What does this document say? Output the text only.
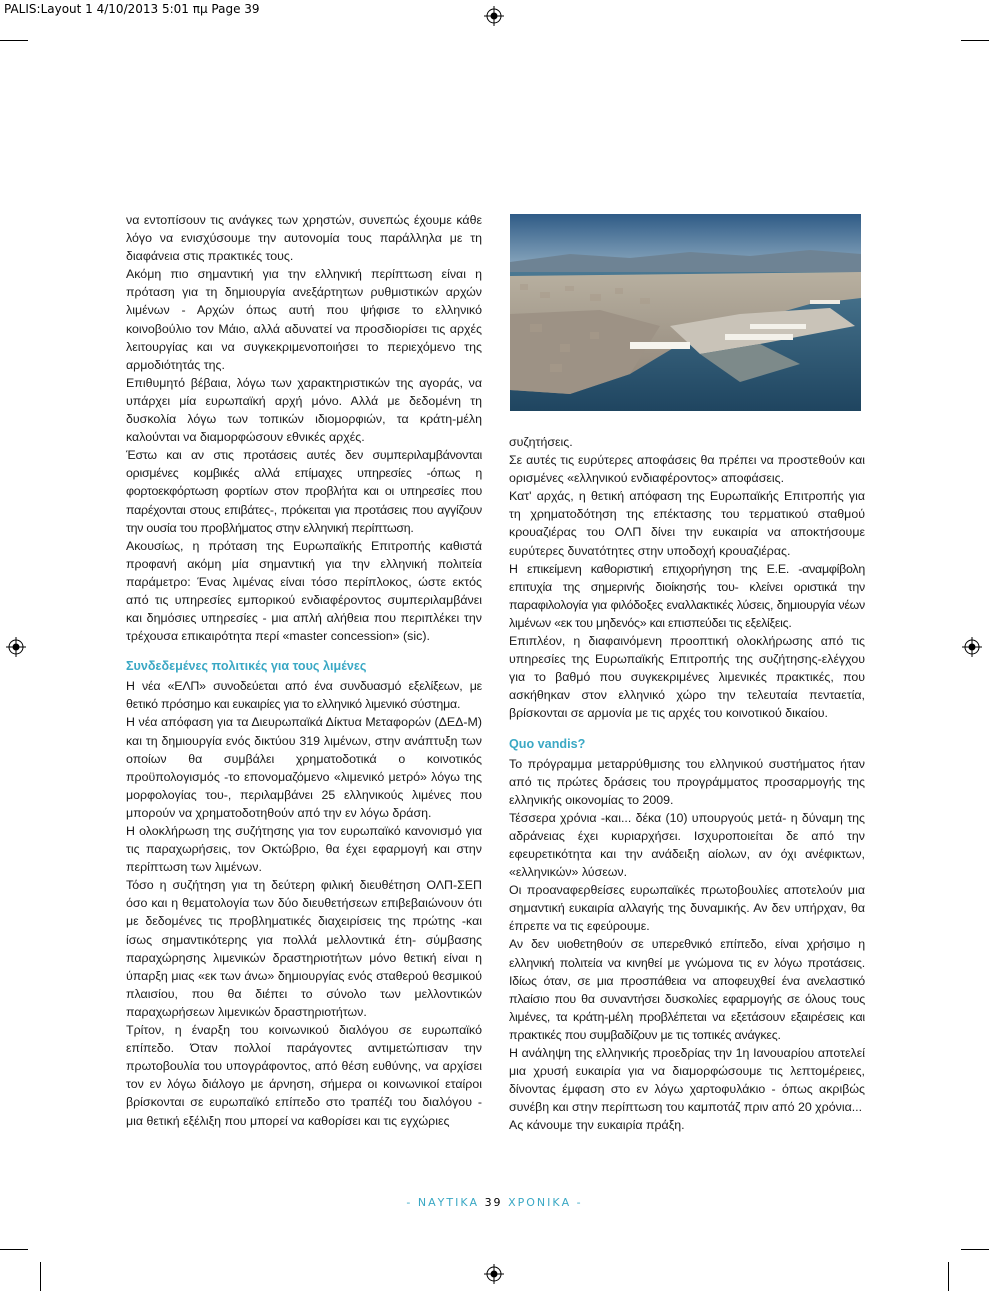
PALIS:Layout 1 4/10/2013 5:01 πμ Page 39

να εντοπίσουν τις ανάγκες των χρηστών, συνεπώς έχουμε κάθε λόγο να ενισχύσουμε την αυτονομία τους παράλληλα με τη διαφάνεια στις πρακτικές τους.

Ακόμη πιο σημαντική για την ελληνική περίπτωση είναι η πρόταση για τη δημιουργία ανεξάρτητων ρυθμιστικών αρχών λιμένων - Αρχών όπως αυτή που ψήφισε το ελληνικό κοινοβούλιο τον Μάιο, αλλά αδυνατεί να προσδιορίσει τις αρχές λειτουργίας και να συγκεκριμενοποιήσει το περιεχόμενο της αρμοδιότητάς της.

Επιθυμητό βέβαια, λόγω των χαρακτηριστικών της αγοράς, να υπάρχει μία ευρωπαϊκή αρχή μόνο. Αλλά με δεδομένη τη δυσκολία λόγω των τοπικών ιδιομορφιών, τα κράτη-μέλη καλούνται να διαμορφώσουν εθνικές αρχές.

Έστω και αν στις προτάσεις αυτές δεν συμπεριλαμβάνονται ορισμένες κομβικές αλλά επίμαχες υπηρεσίες -όπως η φορτοεκφόρτωση φορτίων στον προβλήτα και οι υπηρεσίες που παρέχονται στους επιβάτες-, πρόκειται για προτάσεις που αγγίζουν την ουσία του προβλήματος στην ελληνική περίπτωση.

Ακουσίως, η πρόταση της Ευρωπαϊκής Επιτροπής καθιστά προφανή ακόμη μία σημαντική για την ελληνική πολιτεία παράμετρο: Ένας λιμένας είναι τόσο περίπλοκος, ώστε εκτός από τις υπηρεσίες εμπορικού ενδιαφέροντος συμπεριλαμβάνει και δημόσιες υπηρεσίες - μια απλή αλήθεια που περιπλέκει την τρέχουσα επικαιρότητα περί «master concession» (sic).

Συνδεδεμένες πολιτικές για τους λιμένες

Η νέα «ΕΛΠ» συνοδεύεται από ένα συνδυασμό εξελίξεων, με θετικό πρόσημο και ευκαιρίες για το ελληνικό λιμενικό σύστημα.

Η νέα απόφαση για τα Διευρωπαϊκά Δίκτυα Μεταφορών (ΔΕΔ-Μ) και τη δημιουργία ενός δικτύου 319 λιμένων, στην ανάπτυξη των οποίων θα συμβάλει χρηματοδοτικά ο κοινοτικός προϋπολογισμός -το επονομαζόμενο «λιμενικό μετρό» λόγω της μορφολογίας του-, περιλαμβάνει 25 ελληνικούς λιμένες που μπορούν να χρηματοδοτηθούν από την εν λόγω δράση.

Η ολοκλήρωση της συζήτησης για τον ευρωπαϊκό κανονισμό για τις παραχωρήσεις, τον Οκτώβριο, θα έχει εφαρμογή και στην περίπτωση των λιμένων.

Τόσο η συζήτηση για τη δεύτερη φιλική διευθέτηση ΟΛΠ-ΣΕΠ όσο και η θεματολογία των δύο διευθετήσεων επιβεβαιώνουν ότι με δεδομένες τις προβληματικές διαχειρίσεις της πρώτης -και ίσως σημαντικότερης για πολλά μελλοντικά έτη- σύμβασης παραχώρησης λιμενικών δραστηριοτήτων μόνο θετική είναι η ύπαρξη μιας «εκ των άνω» δημιουργίας ενός σταθερού θεσμικού πλαισίου, που θα διέπει το σύνολο των μελλοντικών παραχωρήσεων λιμενικών δραστηριοτήτων.

Τρίτον, η έναρξη του κοινωνικού διαλόγου σε ευρωπαϊκό επίπεδο. Όταν πολλοί παράγοντες αντιμετώπισαν την πρωτοβουλία του υπογράφοντος, από θέση ευθύνης, να αρχίσει τον εν λόγω διάλογο με άρνηση, σήμερα οι κοινωνικοί εταίροι βρίσκονται σε ευρωπαϊκό επίπεδο στο τραπέζι του διαλόγου - μια θετική εξέλιξη που μπορεί να καθορίσει και τις εγχώριες

συζητήσεις.

Σε αυτές τις ευρύτερες αποφάσεις θα πρέπει να προστεθούν και ορισμένες «ελληνικού ενδιαφέροντος» αποφάσεις.

Κατ' αρχάς, η θετική απόφαση της Ευρωπαϊκής Επιτροπής για τη χρηματοδότηση της επέκτασης του τερματικού σταθμού κρουαζιέρας του ΟΛΠ δίνει την ευκαιρία να αποκτήσουμε ευρύτερες δυνατότητες στην υποδοχή κρουαζιέρας.

Η επικείμενη καθοριστική επιχορήγηση της Ε.Ε. -αναμφίβολη επιτυχία της σημερινής διοίκησής του- κλείνει οριστικά την παραφιλολογία για φιλόδοξες εναλλακτικές λύσεις, δημιουργία νέων λιμένων «εκ του μηδενός» και επισπεύδει τις εξελίξεις.

Επιπλέον, η διαφαινόμενη προοπτική ολοκλήρωσης από τις υπηρεσίες της Ευρωπαϊκής Επιτροπής της συζήτησης-ελέγχου για το βαθμό που συγκεκριμένες λιμενικές πρακτικές, που ασκήθηκαν στον ελληνικό χώρο την τελευταία πενταετία, βρίσκονται σε αρμονία με τις αρχές του κοινοτικού δικαίου.

Quo vandis?

Το πρόγραμμα μεταρρύθμισης του ελληνικού συστήματος ήταν από τις πρώτες δράσεις του προγράμματος προσαρμογής της ελληνικής οικονομίας το 2009.

Τέσσερα χρόνια -και... δέκα (10) υπουργούς μετά- η δύναμη της αδράνειας έχει κυριαρχήσει. Ισχυροποιείται δε από την εφευρετικότητα και την ανάδειξη αίολων, αν όχι ανέφικτων, «ελληνικών» λύσεων.

Οι προαναφερθείσες ευρωπαϊκές πρωτοβουλίες αποτελούν μια σημαντική ευκαιρία αλλαγής της δυναμικής. Αν δεν υπήρχαν, θα έπρεπε να τις εφεύρουμε.

Αν δεν υιοθετηθούν σε υπερεθνικό επίπεδο, είναι χρήσιμο η ελληνική πολιτεία να κινηθεί με γνώμονα τις εν λόγω προτάσεις. Ιδίως όταν, σε μια προσπάθεια να αποφευχθεί ένα ανελαστικό πλαίσιο που θα συναντήσει δυσκολίες εφαρμογής σε όλους τους λιμένες, τα κράτη-μέλη προβλέπεται να εξετάσουν εξαιρέσεις και πρακτικές που συμβαδίζουν με τις τοπικές ανάγκες.

Η ανάληψη της ελληνικής προεδρίας την 1η Ιανουαρίου αποτελεί μια χρυσή ευκαιρία για να διαμορφώσουμε τις λεπτομέρειες, δίνοντας έμφαση στο εν λόγω χαρτοφυλάκιο - όπως ακριβώς συνέβη και στην περίπτωση του καμποτάζ πριν από 20 χρόνια...

Ας κάνουμε την ευκαιρία πράξη.

- ΝΑΥΤΙΚΑ 39 ΧΡΟΝΙΚΑ -
